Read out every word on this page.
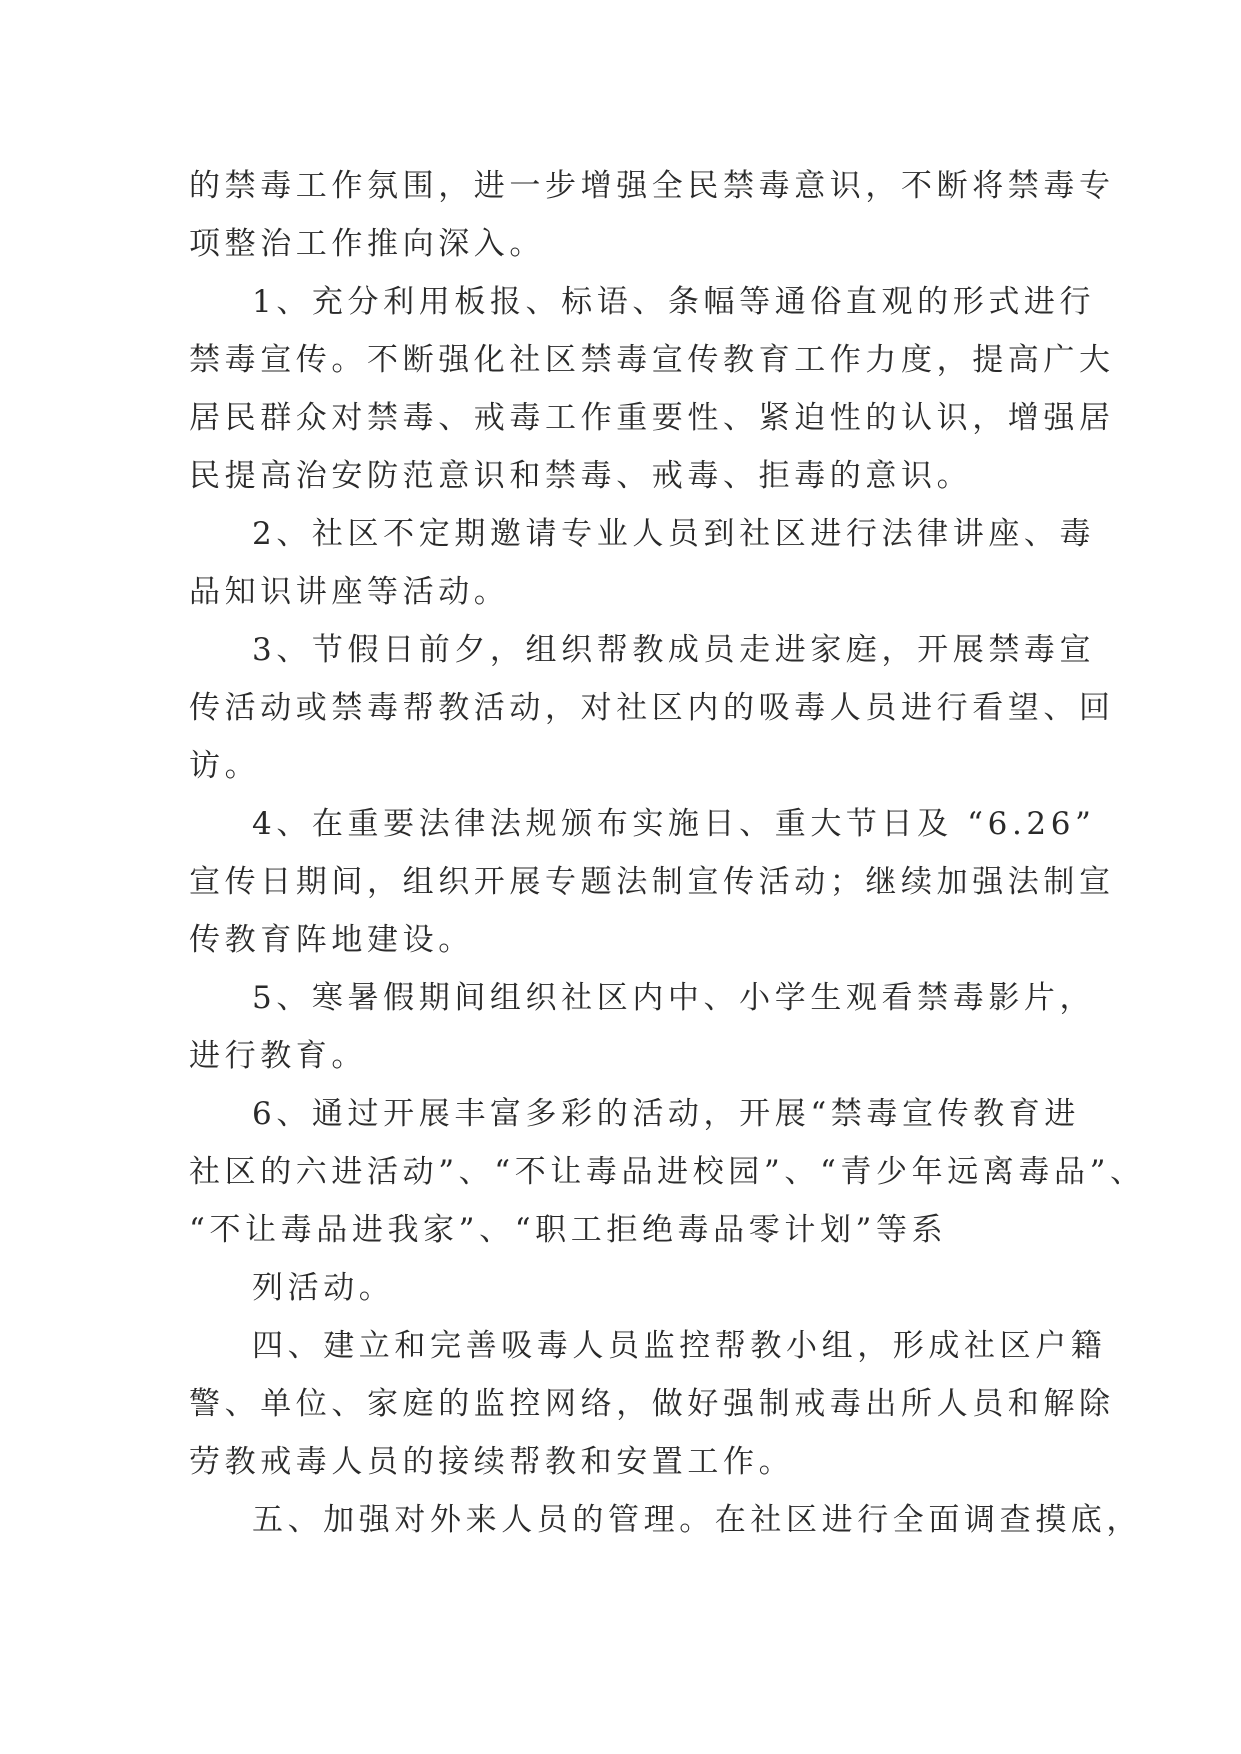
的禁毒工作氛围，进一步增强全民禁毒意识，不断将禁毒专
项整治工作推向深入。
1、充分利用板报、标语、条幅等通俗直观的形式进行
禁毒宣传。不断强化社区禁毒宣传教育工作力度，提高广大
居民群众对禁毒、戒毒工作重要性、紧迫性的认识，增强居
民提高治安防范意识和禁毒、戒毒、拒毒的意识。
2、社区不定期邀请专业人员到社区进行法律讲座、毒
品知识讲座等活动。
3、节假日前夕，组织帮教成员走进家庭，开展禁毒宣
传活动或禁毒帮教活动，对社区内的吸毒人员进行看望、回
访。
4、在重要法律法规颁布实施日、重大节日及 “6.26”
宣传日期间，组织开展专题法制宣传活动；继续加强法制宣
传教育阵地建设。
5、寒暑假期间组织社区内中、小学生观看禁毒影片，
进行教育。
6、通过开展丰富多彩的活动，开展“禁毒宣传教育进
社区的六进活动”、“不让毒品进校园”、“青少年远离毒品”、
“不让毒品进我家”、“职工拒绝毒品零计划”等系
列活动。
四、建立和完善吸毒人员监控帮教小组，形成社区户籍
警、单位、家庭的监控网络，做好强制戒毒出所人员和解除
劳教戒毒人员的接续帮教和安置工作。
五、加强对外来人员的管理。在社区进行全面调查摸底，
